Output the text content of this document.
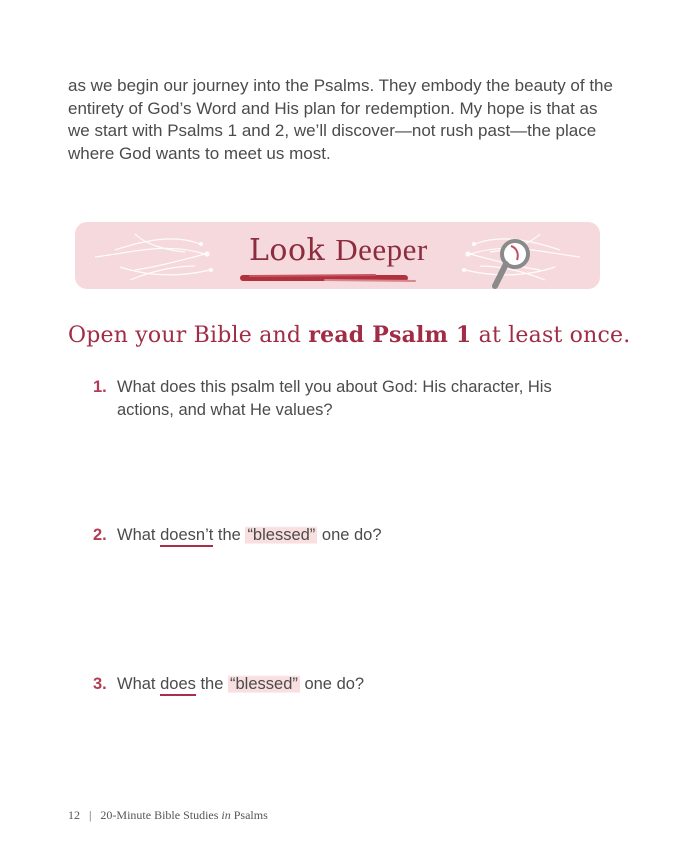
as we begin our journey into the Psalms. They embody the beauty of the entirety of God’s Word and His plan for redemption. My hope is that as we start with Psalms 1 and 2, we’ll discover—not rush past—the place where God wants to meet us most.

Look Deeper
Open your Bible and read Psalm 1 at least once.
1. What does this psalm tell you about God: His character, His actions, and what He values?
2. What doesn’t the “blessed” one do?
3. What does the “blessed” one do?
12 | 20-Minute Bible Studies in Psalms
